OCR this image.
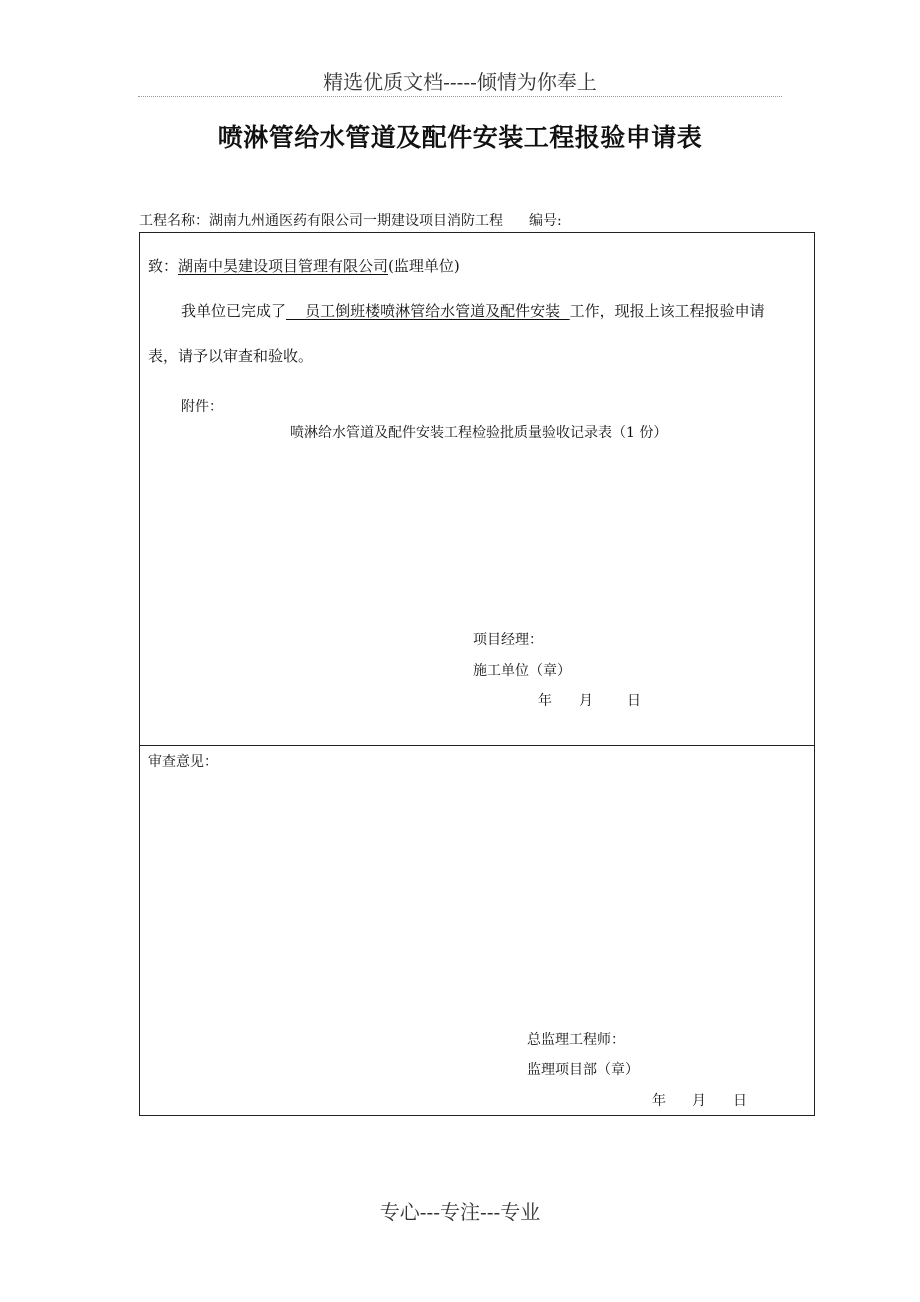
精选优质文档-----倾情为你奉上
喷淋管给水管道及配件安装工程报验申请表
工程名称：湖南九州通医药有限公司一期建设项目消防工程 编号:
致：湖南中昊建设项目管理有限公司(监理单位)
我单位已完成了    员工倒班楼喷淋管给水管道及配件安装  工作，现报上该工程报验申请
表，请予以审查和验收。
附件：
喷淋给水管道及配件安装工程检验批质量验收记录表（1 份）
项目经理：
施工单位（章）
年 月 日
审查意见：
总监理工程师：
监理项目部（章）
年 月 日
专心---专注---专业
